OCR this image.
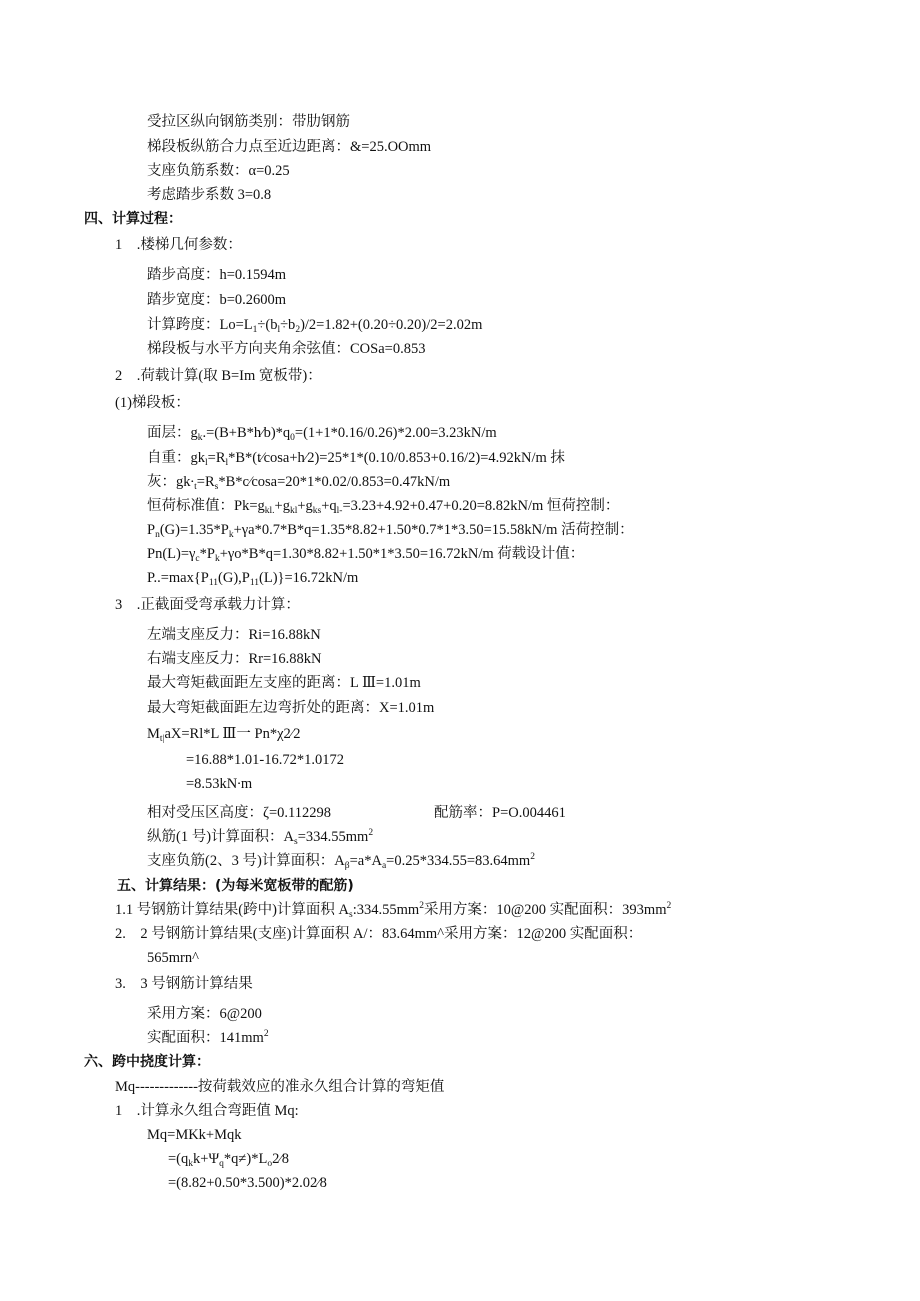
受拉区纵向钢筋类别：带肋钢筋
梯段板纵筋合力点至近边距离：&=25.OOmm
支座负筋系数：α=0.25
考虑踏步系数 3=0.8
四、计算过程：
1　.楼梯几何参数：
踏步高度：h=0.1594m
踏步宽度：b=0.2600m
计算跨度：$Lo=L_1\div(b_l\div b_2)/2=1.82+(0.20\div 0.20)/2=2.02m$
梯段板与水平方向夹角余弦值：COSa=0.853
2　.荷载计算(取 B=Im 宽板带)：
(1)梯段板：
面层：$g_k.=(B+B*h∕b)*q_0=(1+1*0.16/0.26)*2.00=3.23kN/m$
自重：$gk_l=R_l*B*(t∕\cos a+h∕2)=25*1*(0.10/0.853+0.16/2)=4.92kN/m$ 抹
灰：$gk\cdot_t=R_s*B*c∕\cos a=20*1*0.02/0.853=0.47kN/m$
恒荷标准值：$Pk=g_{kl.}+g_{kl}+g_{ks}+q_{l-}=3.23+4.92+0.47+0.20=8.82kN/m$ 恒荷控制：
$P_n(G)=1.35*P_k+\gamma a*0.7*B*q=1.35*8.82+1.50*0.7*1*3.50=15.58kN/m$ 活荷控制：
$Pn(L)=\gamma_c*P_k+\gamma o*B*q=1.30*8.82+1.50*1*3.50=16.72kN/m$ 荷载设计值：
$P..=\max\{P_{11}(G),P_{11}(L)\}=16.72kN/m$
3　.正截面受弯承载力计算：
左端支座反力：Ri=16.88kN
右端支座反力：Rr=16.88kN
最大弯矩截面距左支座的距离：L Ⅲ=1.01m
最大弯矩截面距左边弯折处的距离：X=1.01m
$M_{t|}aX=Rl*L$ Ⅲ一 Pn*χ2∕2
=16.88*1.01-16.72*1.0172
=8.53kN∙m
相对受压区高度：ζ=0.112298	配筋率：P=O.004461
纵筋(1 号)计算面积：$A_s=334.55mm^2$
支座负筋(2、3 号)计算面积：$A_\beta=a*A_a=0.25*334.55=83.64mm^2$
五、计算结果：(为每米宽板带的配筋)
1.1 号钢筋计算结果(跨中)计算面积 $A_s:334.55mm^2$采用方案：10@200 实配面积：$393mm^2$
2.　2 号钢筋计算结果(支座)计算面积 A/：83.64mm^采用方案：12@200 实配面积：
565mrn^
3.　3 号钢筋计算结果
采用方案：6@200
实配面积：$141mm^2$
六、跨中挠度计算：
Mq-------------按荷载效应的准永久组合计算的弯矩值
1　.计算永久组合弯距值 Mq:
Mq=MKk+Mqk
$=(q_kk+\Psi_q*q\ne)*L_o2∕8$
=(8.82+0.50*3.500)*2.02∕8
